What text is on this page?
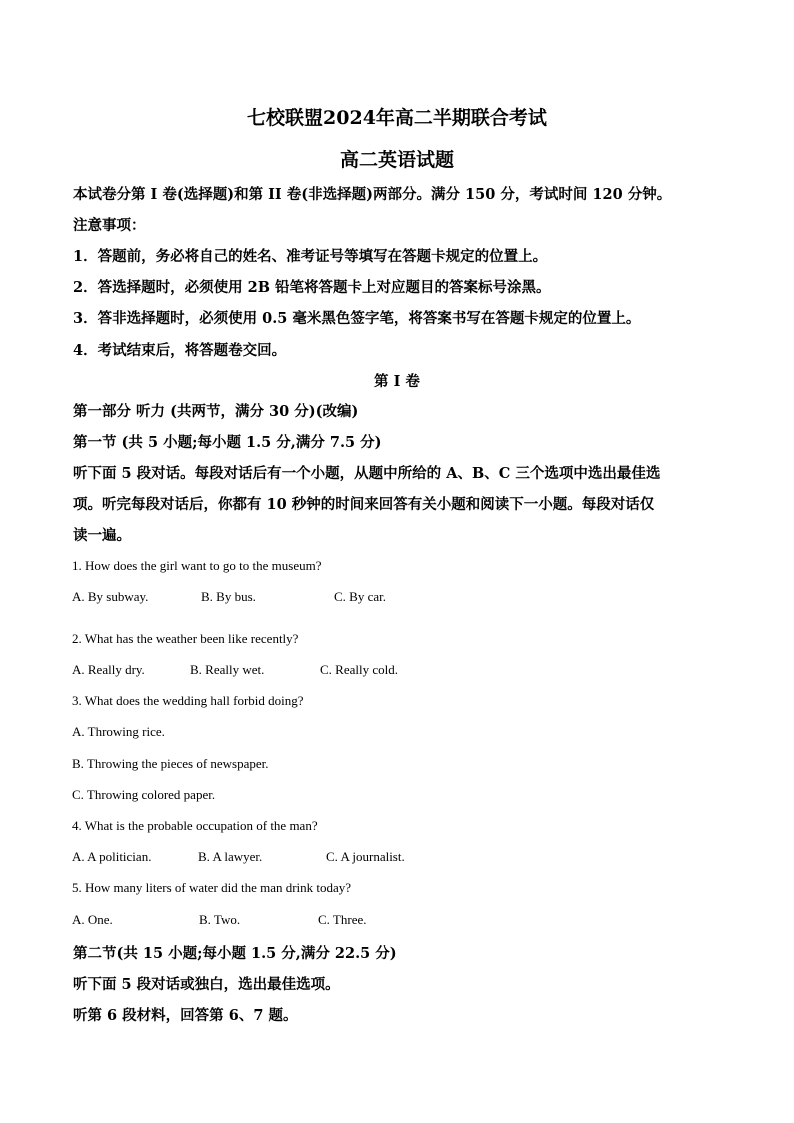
七校联盟2024年高二半期联合考试
高二英语试题
本试卷分第 I 卷(选择题)和第 II 卷(非选择题)两部分。满分 150 分，考试时间 120 分钟。
注意事项：
1．答题前，务必将自己的姓名、准考证号等填写在答题卡规定的位置上。
2．答选择题时，必须使用 2B 铅笔将答题卡上对应题目的答案标号涂黑。
3．答非选择题时，必须使用 0.5 毫米黑色签字笔，将答案书写在答题卡规定的位置上。
4．考试结束后，将答题卷交回。
第 I 卷
第一部分 听力 (共两节，满分 30 分)(改编)
第一节 (共 5 小题;每小题 1.5 分,满分 7.5 分)
听下面 5 段对话。每段对话后有一个小题，从题中所给的 A、B、C 三个选项中选出最佳选
项。听完每段对话后，你都有 10 秒钟的时间来回答有关小题和阅读下一小题。每段对话仅
读一遍。
1. How does the girl want to go to the museum?
A. By subway.	B. By bus.	C. By car.
2. What has the weather been like recently?
A. Really dry.	B. Really wet.	C. Really cold.
3. What does the wedding hall forbid doing?
A. Throwing rice.
B. Throwing the pieces of newspaper.
C. Throwing colored paper.
4. What is the probable occupation of the man?
A. A politician.	B. A lawyer.	C. A journalist.
5. How many liters of water did the man drink today?
A. One.	B. Two.	C. Three.
第二节(共 15 小题;每小题 1.5 分,满分 22.5 分)
听下面 5 段对话或独白，选出最佳选项。
听第 6 段材料，回答第 6、7 题。
